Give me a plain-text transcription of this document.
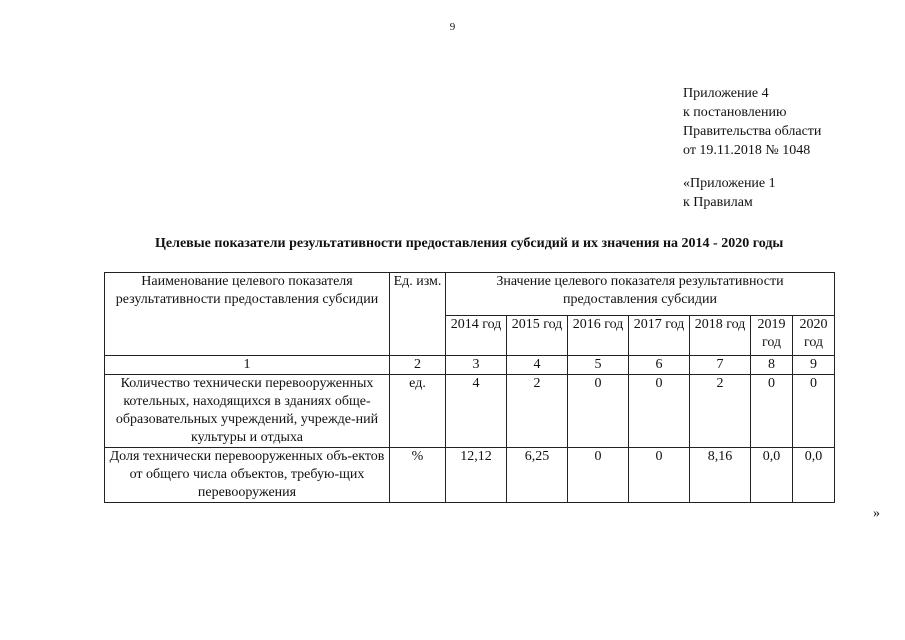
9
Приложение 4
к постановлению
Правительства области
от 19.11.2018 № 1048
«Приложение 1
к Правилам
Целевые показатели результативности предоставления субсидий и их значения на 2014 - 2020 годы
Наименование целевого показателя результативности предоставления субсидии	Ед. изм.	Значение целевого показателя результативности предоставления субсидии						
		2014 год	2015 год	2016 год	2017 год	2018 год	2019 год	2020 год
1	2	3	4	5	6	7	8	9
Количество технически перевооруженных котельных, находящихся в зданиях обще-образовательных учреждений, учрежде-ний культуры и отдыха	ед.	4	2	0	0	2	0	0
Доля технически перевооруженных объ-ектов от общего числа объектов, требую-щих перевооружения	%	12,12	6,25	0	0	8,16	0,0	0,0
»
